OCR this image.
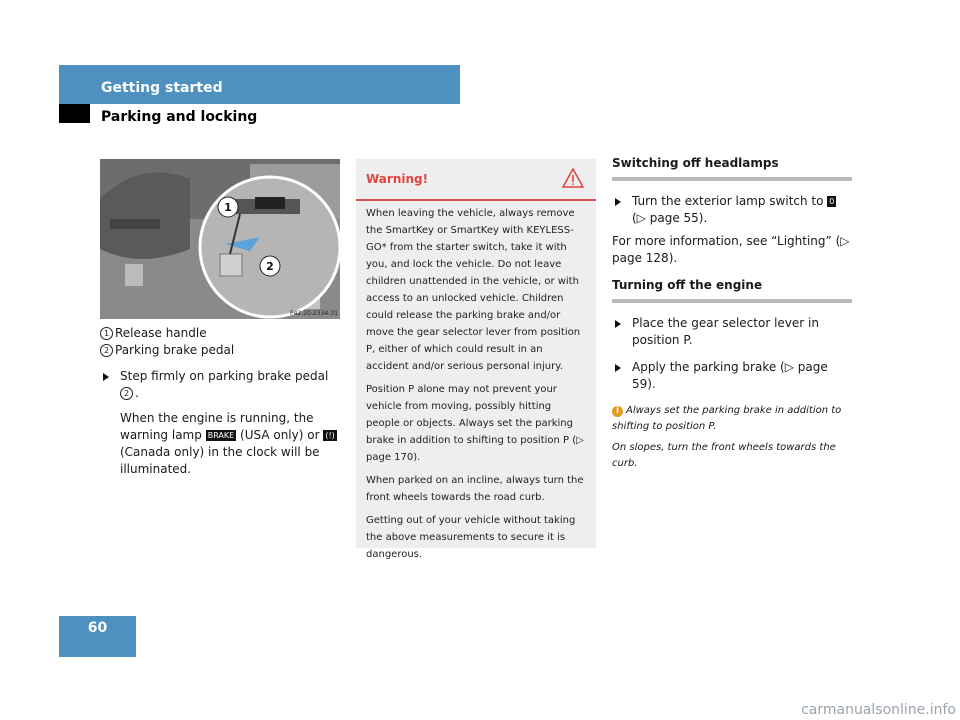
Getting started
Parking and locking
1
2
P42.20-2334-31
1 Release handle
2 Parking brake pedal
Step firmly on parking brake pedal 2 .
When the engine is running, the warning lamp BRAKE (USA only) or (!) (Canada only) in the clock will be illuminated.
Warning!

When leaving the vehicle, always remove the SmartKey or SmartKey with KEYLESS-GO* from the starter switch, take it with you, and lock the vehicle. Do not leave children unattended in the vehicle, or with access to an unlocked vehicle. Children could release the parking brake and/or move the gear selector lever from position P, either of which could result in an accident and/or serious personal injury.

Position P alone may not prevent your vehicle from moving, possibly hitting people or objects. Always set the parking brake in addition to shifting to position P (▷ page 170).

When parked on an incline, always turn the front wheels towards the road curb.

Getting out of your vehicle without taking the above measurements to secure it is dangerous.

Switching off headlamps
Turn the exterior lamp switch to 0
(▷ page 55).

For more information, see “Lighting” (▷ page 128).

Turning off the engine
Place the gear selector lever in position P.
Apply the parking brake (▷ page 59).
i Always set the parking brake in addition to shifting to position P.
On slopes, turn the front wheels towards the curb.
60
carmanualsonline.info
